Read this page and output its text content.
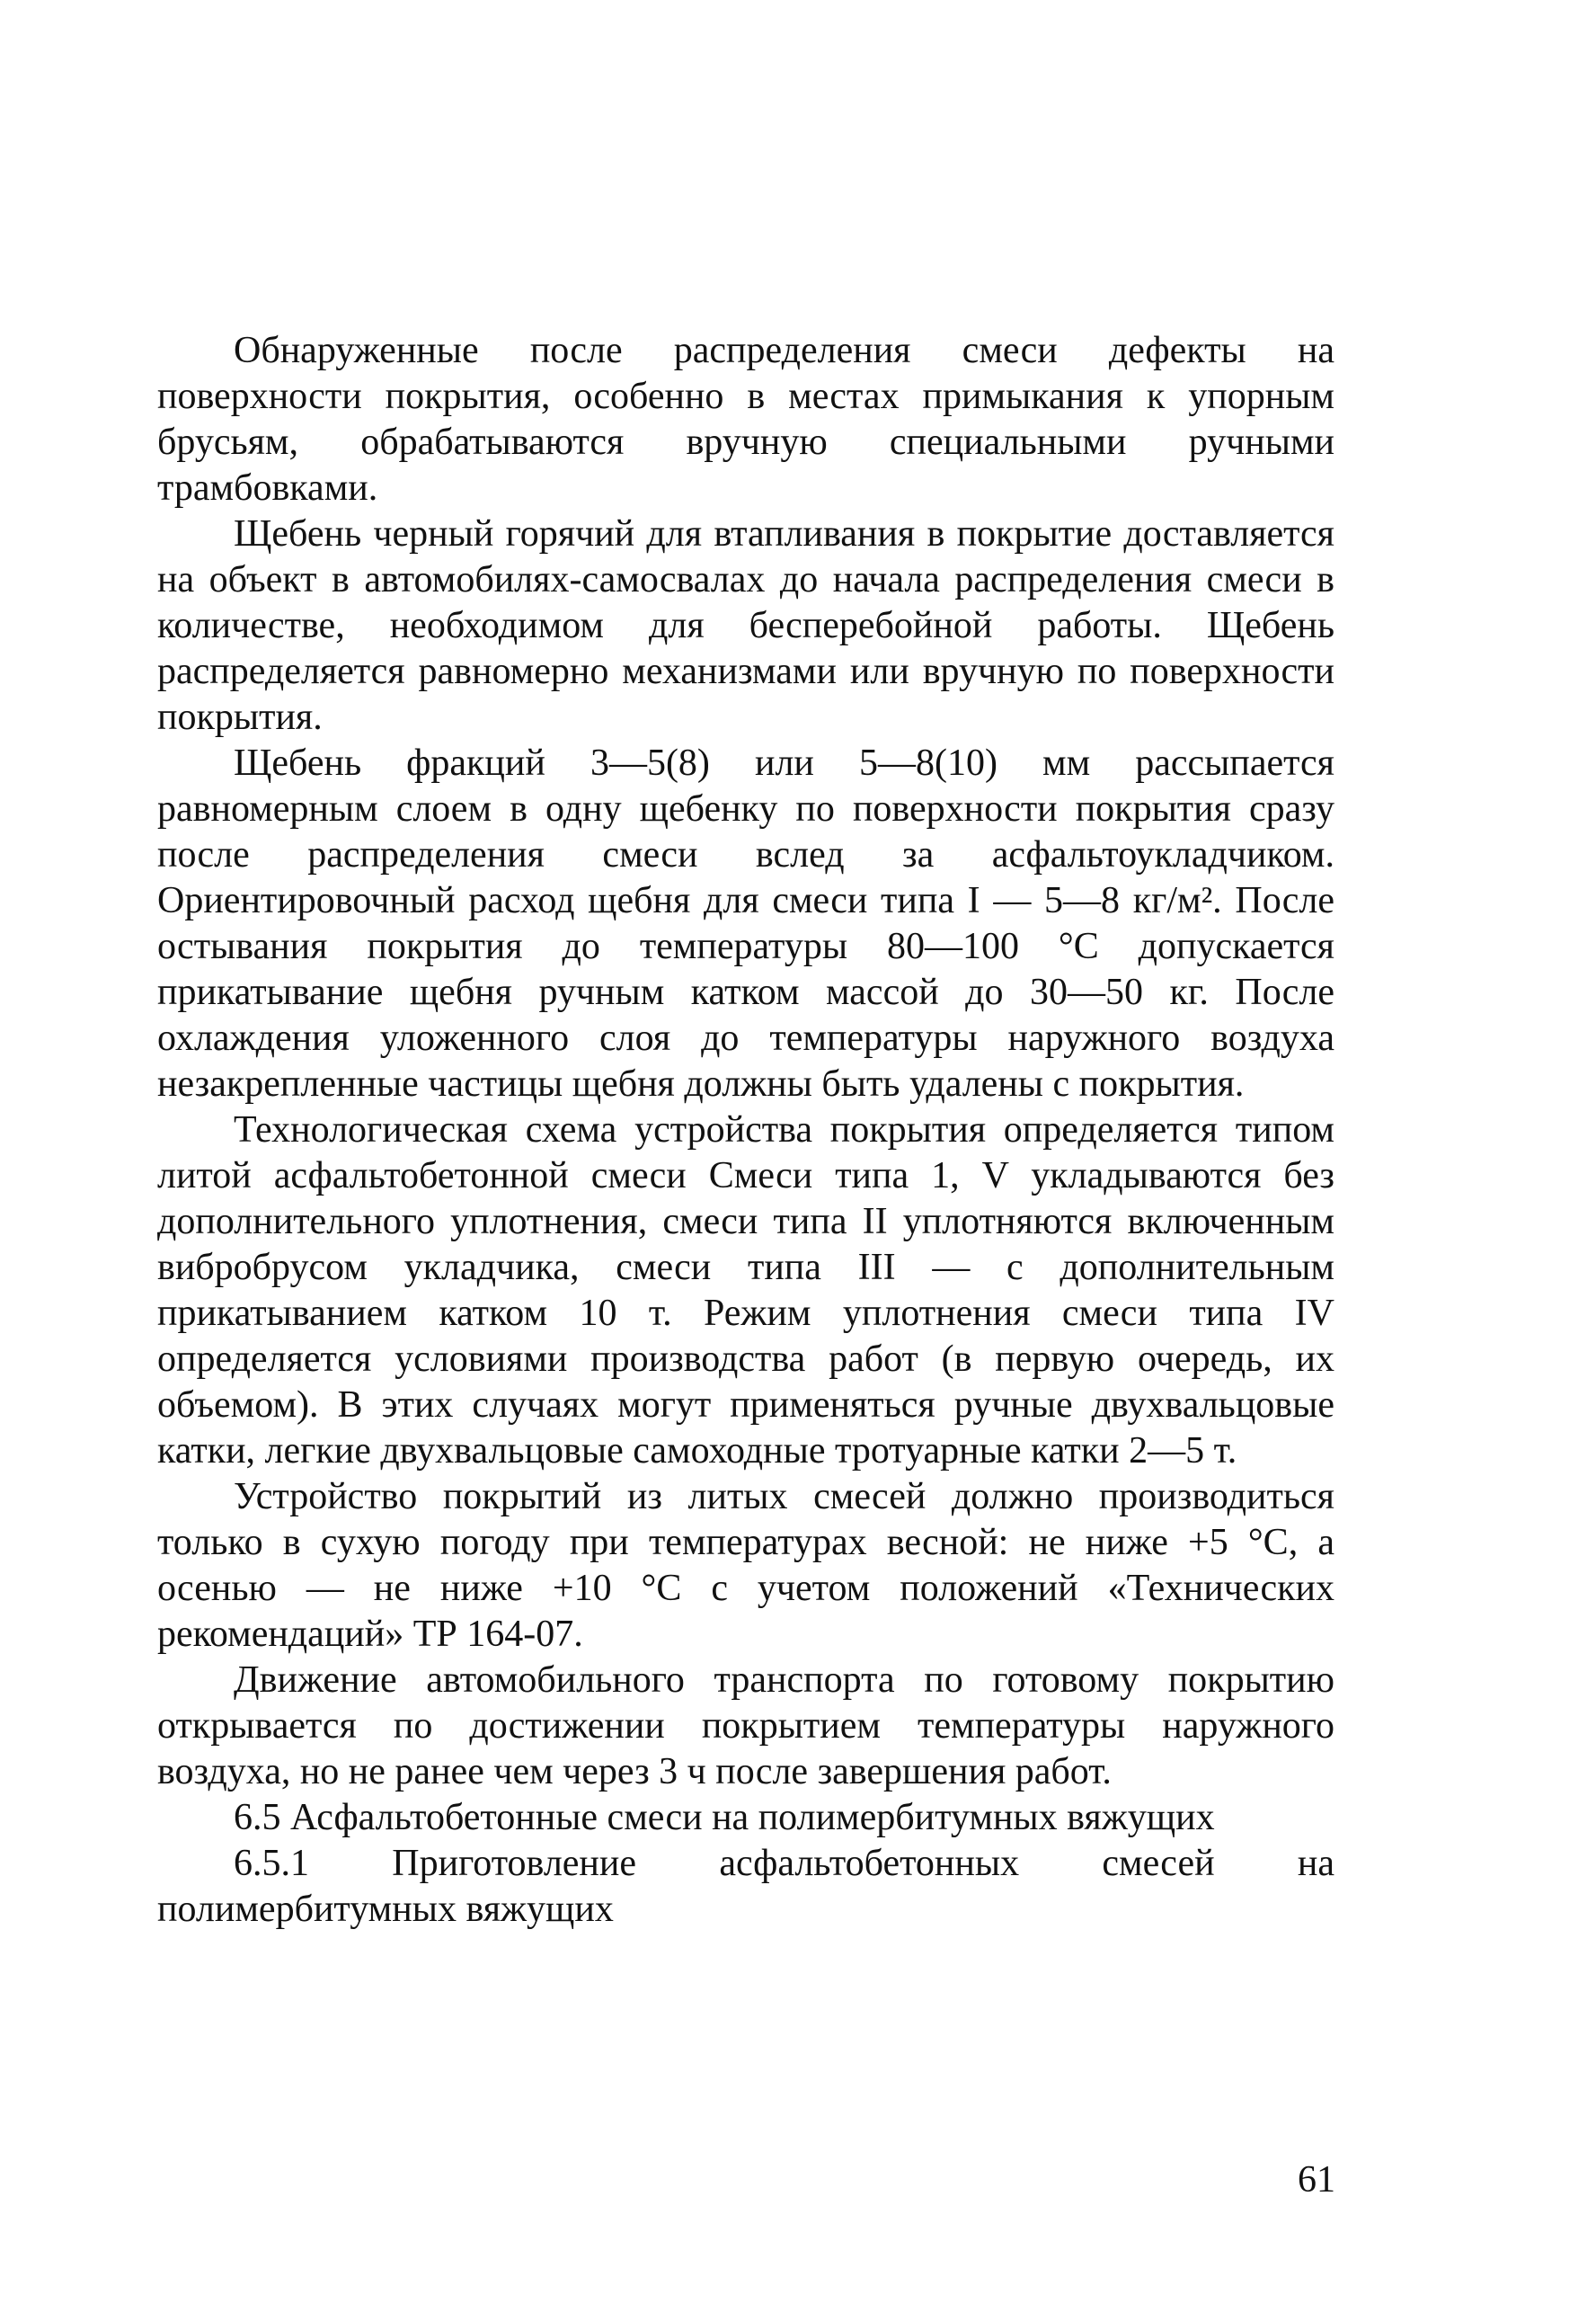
Обнаруженные после распределения смеси дефекты на поверхности покрытия, особенно в местах примыкания к упорным брусьям, обрабатываются вручную специальными ручными трамбовками.

Щебень черный горячий для втапливания в покрытие доставляется на объект в автомобилях-самосвалах до начала распределения смеси в количестве, необходимом для бесперебойной работы. Щебень распределяется равномерно механизмами или вручную по поверхности покрытия.

Щебень фракций 3—5(8) или 5—8(10) мм рассыпается равномерным слоем в одну щебенку по поверхности покрытия сразу после распределения смеси вслед за асфальтоукладчиком. Ориентировочный расход щебня для смеси типа I — 5—8 кг/м². После остывания покрытия до температуры 80—100 °С допускается прикатывание щебня ручным катком массой до 30—50 кг. После охлаждения уложенного слоя до температуры наружного воздуха незакрепленные частицы щебня должны быть удалены с покрытия.

Технологическая схема устройства покрытия определяется типом литой асфальтобетонной смеси Смеси типа 1, V укладываются без дополнительного уплотнения, смеси типа II уплотняются включенным вибробрусом укладчика, смеси типа III — с дополнительным прикатыванием катком 10 т. Режим уплотнения смеси типа IV определяется условиями производства работ (в первую очередь, их объемом). В этих случаях могут применяться ручные двухвальцовые катки, легкие двухвальцовые самоходные тротуарные катки 2—5 т.

Устройство покрытий из литых смесей должно производиться только в сухую погоду при температурах весной: не ниже +5 °С, а осенью — не ниже +10 °С с учетом положений «Технических рекомендаций» ТР 164-07.

Движение автомобильного транспорта по готовому покрытию открывается по достижении покрытием температуры наружного воздуха, но не ранее чем через 3 ч после завершения работ.

6.5 Асфальтобетонные смеси на полимербитумных вяжущих

6.5.1 Приготовление асфальтобетонных смесей на полимербитумных вяжущих

61
